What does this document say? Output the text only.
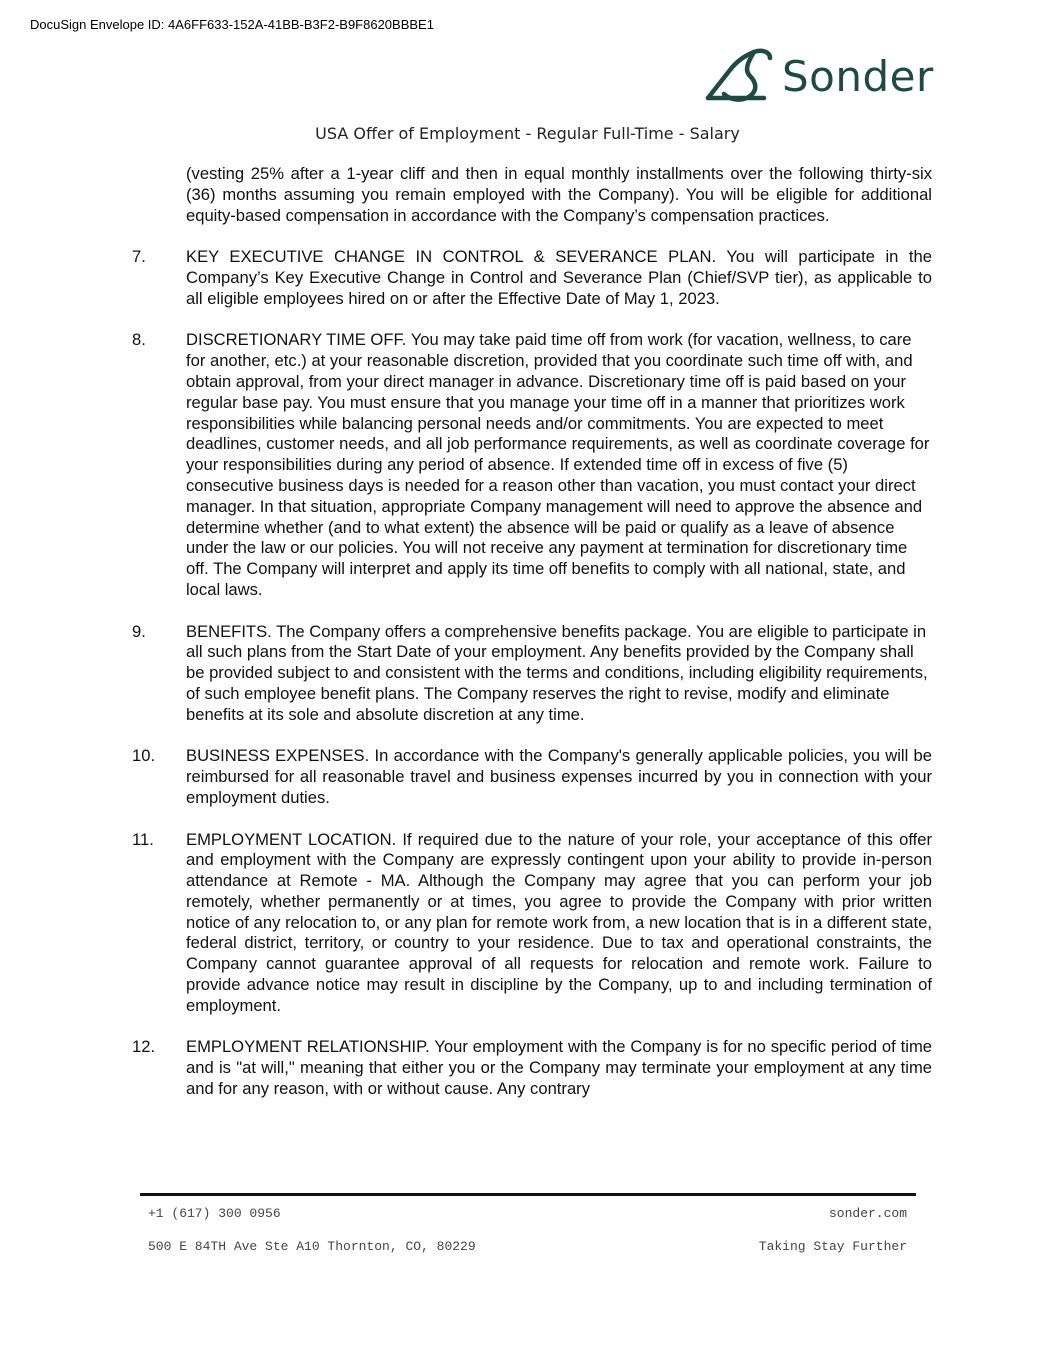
DocuSign Envelope ID: 4A6FF633-152A-41BB-B3F2-B9F8620BBBE1
Sonder
USA Offer of Employment - Regular Full-Time - Salary
(vesting 25% after a 1-year cliff and then in equal monthly installments over the following thirty-six (36) months assuming you remain employed with the Company). You will be eligible for additional equity-based compensation in accordance with the Company’s compensation practices.
7.	KEY EXECUTIVE CHANGE IN CONTROL & SEVERANCE PLAN. You will participate in the Company’s Key Executive Change in Control and Severance Plan (Chief/SVP tier), as applicable to all eligible employees hired on or after the Effective Date of May 1, 2023.
8.	DISCRETIONARY TIME OFF. You may take paid time off from work (for vacation, wellness, to care for another, etc.) at your reasonable discretion, provided that you coordinate such time off with, and obtain approval, from your direct manager in advance. Discretionary time off is paid based on your regular base pay. You must ensure that you manage your time off in a manner that prioritizes work responsibilities while balancing personal needs and/or commitments. You are expected to meet deadlines, customer needs, and all job performance requirements, as well as coordinate coverage for your responsibilities during any period of absence. If extended time off in excess of five (5) consecutive business days is needed for a reason other than vacation, you must contact your direct manager. In that situation, appropriate Company management will need to approve the absence and determine whether (and to what extent) the absence will be paid or qualify as a leave of absence under the law or our policies. You will not receive any payment at termination for discretionary time off. The Company will interpret and apply its time off benefits to comply with all national, state, and local laws.
9.	BENEFITS. The Company offers a comprehensive benefits package. You are eligible to participate in all such plans from the Start Date of your employment. Any benefits provided by the Company shall be provided subject to and consistent with the terms and conditions, including eligibility requirements, of such employee benefit plans. The Company reserves the right to revise, modify and eliminate benefits at its sole and absolute discretion at any time.
10.	BUSINESS EXPENSES. In accordance with the Company's generally applicable policies, you will be reimbursed for all reasonable travel and business expenses incurred by you in connection with your employment duties.
11.	EMPLOYMENT LOCATION. If required due to the nature of your role, your acceptance of this offer and employment with the Company are expressly contingent upon your ability to provide in-person attendance at Remote - MA. Although the Company may agree that you can perform your job remotely, whether permanently or at times, you agree to provide the Company with prior written notice of any relocation to, or any plan for remote work from, a new location that is in a different state, federal district, territory, or country to your residence. Due to tax and operational constraints, the Company cannot guarantee approval of all requests for relocation and remote work. Failure to provide advance notice may result in discipline by the Company, up to and including termination of employment.
12.	EMPLOYMENT RELATIONSHIP. Your employment with the Company is for no specific period of time and is "at will," meaning that either you or the Company may terminate your employment at any time and for any reason, with or without cause. Any contrary
+1 (617) 300 0956	sonder.com
500 E 84TH Ave Ste A10 Thornton, CO, 80229	Taking Stay Further
